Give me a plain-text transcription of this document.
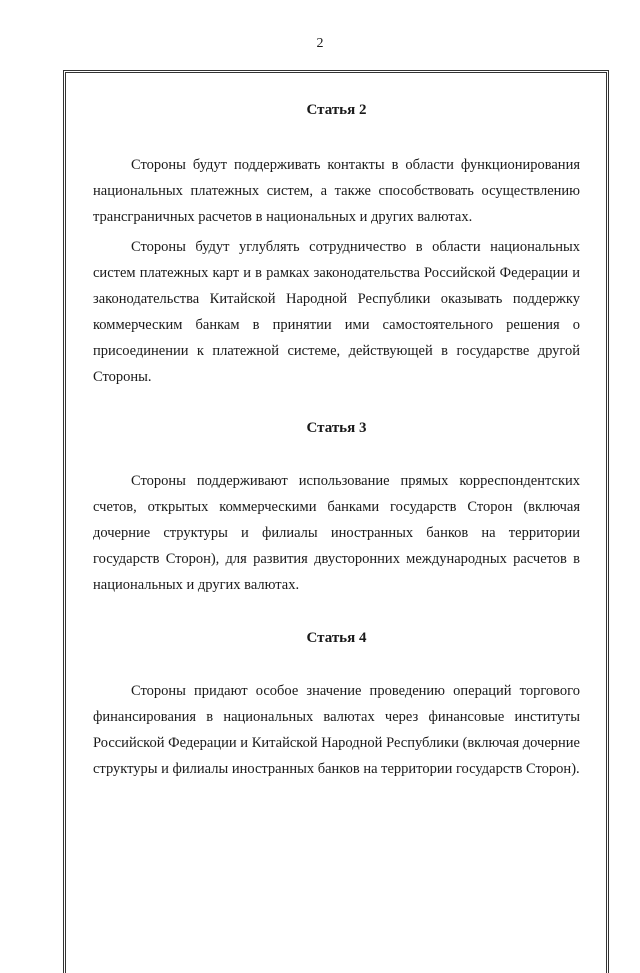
2
Статья 2

Стороны будут поддерживать контакты в области функционирования национальных платежных систем, а также способствовать осуществлению трансграничных расчетов в национальных и других валютах.

Стороны будут углублять сотрудничество в области национальных систем платежных карт и в рамках законодательства Российской Федерации и законодательства Китайской Народной Республики оказывать поддержку коммерческим банкам в принятии ими самостоятельного решения о присоединении к платежной системе, действующей в государстве другой Стороны.

Статья 3

Стороны поддерживают использование прямых корреспондентских счетов, открытых коммерческими банками государств Сторон (включая дочерние структуры и филиалы иностранных банков на территории государств Сторон), для развития двусторонних международных расчетов в национальных и других валютах.

Статья 4

Стороны придают особое значение проведению операций торгового финансирования в национальных валютах через финансовые институты Российской Федерации и Китайской Народной Республики (включая дочерние структуры и филиалы иностранных банков на территории государств Сторон).
